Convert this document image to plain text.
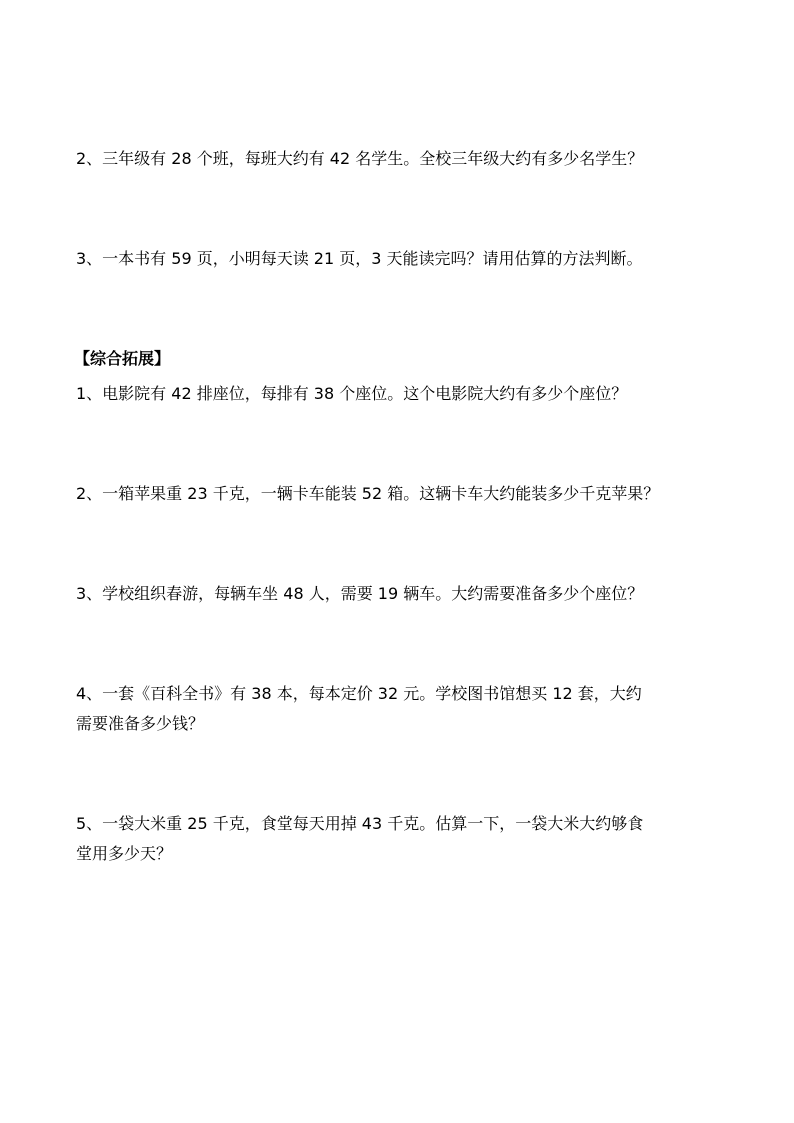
2、三年级有 28 个班，每班大约有 42 名学生。全校三年级大约有多少名学生？

3、一本书有 59 页，小明每天读 21 页，3 天能读完吗？请用估算的方法判断。

【综合拓展】

1、电影院有 42 排座位，每排有 38 个座位。这个电影院大约有多少个座位？

2、一箱苹果重 23 千克，一辆卡车能装 52 箱。这辆卡车大约能装多少千克苹果？

3、学校组织春游，每辆车坐 48 人，需要 19 辆车。大约需要准备多少个座位？

4、一套《百科全书》有 38 本，每本定价 32 元。学校图书馆想买 12 套，大约

需要准备多少钱？

5、一袋大米重 25 千克，食堂每天用掉 43 千克。估算一下，一袋大米大约够食

堂用多少天？
